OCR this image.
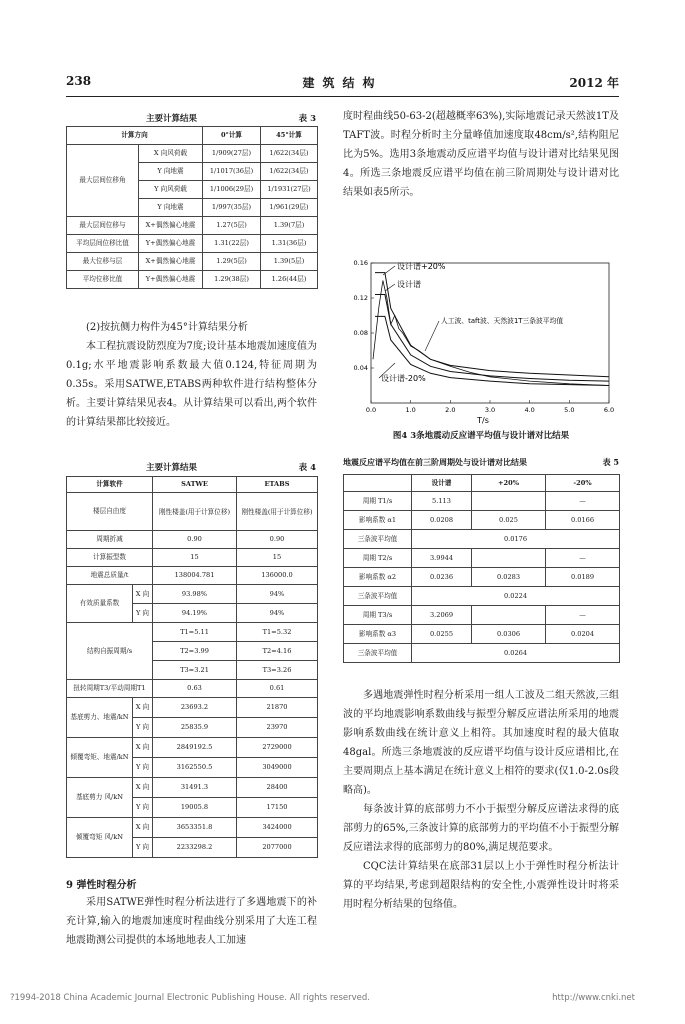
238	建筑结构	2012 年
主要计算结果	表 3
计算方向		0°计算	45°计算
最大层间位移角	X 向风荷载	1/909(27层)	1/622(34层)
	Y 向地震	1/1017(36层)	1/622(34层)
	Y 向风荷载	1/1006(29层)	1/1931(27层)
	Y 向地震	1/997(35层)	1/961(29层)
最大层间位移与	X+偶然偏心地震	1.27(5层)	1.39(7层)
平均层间位移比值	Y+偶然偏心地震	1.31(22层)	1.31(36层)
最大位移与层	X+偶然偏心地震	1.29(5层)	1.39(5层)
平均位移比值	Y+偶然偏心地震	1.29(38层)	1.26(44层)

(2)按抗侧力构件为45°计算结果分析

本工程抗震设防烈度为7度;设计基本地震加速度值为0.1g;水平地震影响系数最大值0.124,特征周期为0.35s。采用SATWE,ETABS两种软件进行结构整体分析。主要计算结果见表4。从计算结果可以看出,两个软件的计算结果都比较接近。

主要计算结果	表 4
计算软件		SATWE	ETABS
楼层自由度		刚性楼盖(用于计算位移)	刚性楼盖(用于计算位移)
周期折减		0.90	0.90
计算振型数		15	15
地震总质量/t		138004.781	136000.0
有效质量系数	X 向	93.98%	94%
	Y 向	94.19%	94%
结构自振周期/s		T1=5.11	T1=5.32
		T2=3.99	T2=4.16
		T3=3.21	T3=3.26
扭转周期T3/平动周期T1		0.63	0.61
基底剪力、地震/kN	X 向	23693.2	21870
	Y 向	25835.9	23970
倾覆弯矩、地震/kN	X 向	2849192.5	2729000
	Y 向	3162550.5	3049000
基底剪力 风/kN	X 向	31491.3	28400
	Y 向	19005.8	17150
倾覆弯矩 风/kN	X 向	3653351.8	3424000
	Y 向	2233298.2	2077000
9 弹性时程分析

采用SATWE弹性时程分析法进行了多遇地震下的补充计算,输入的地震加速度时程曲线分别采用了大连工程地震勘测公司提供的本场地地表人工加速

度时程曲线50-63-2(超越概率63%),实际地震记录天然波1T及TAFT波。时程分析时主分量峰值加速度取48cm/s²,结构阻尼比为5%。选用3条地震动反应谱平均值与设计谱对比结果见图4。所选三条地震反应谱平均值在前三阶周期处与设计谱对比结果如表5所示。

0.0	1.0	2.0	3.0	4.0	5.0	6.0
0.04
0.08
0.12
0.16	设计谱+20%
设计谱
人工波、taft波、天然波1T三条波平均值
设计谱-20%
T/s
图4 3条地震动反应谱平均值与设计谱对比结果
地震反应谱平均值在前三阶周期处与设计谱对比结果	表 5
	设计谱	+20%	-20%
周期 T1/s	5.113		—
影响系数 α1	0.0208	0.025	0.0166
三条波平均值	0.0176		
周期 T2/s	3.9944		—
影响系数 α2	0.0236	0.0283	0.0189
三条波平均值	0.0224		
周期 T3/s	3.2069		—
影响系数 α3	0.0255	0.0306	0.0204
三条波平均值	0.0264		

多遇地震弹性时程分析采用一组人工波及二组天然波,三组波的平均地震影响系数曲线与振型分解反应谱法所采用的地震影响系数曲线在统计意义上相符。其加速度时程的最大值取48gal。所选三条地震波的反应谱平均值与设计反应谱相比,在主要周期点上基本满足在统计意义上相符的要求(仅1.0-2.0s段略高)。

每条波计算的底部剪力不小于振型分解反应谱法求得的底部剪力的65%,三条波计算的底部剪力的平均值不小于振型分解反应谱法求得的底部剪力的80%,满足规范要求。

CQC法计算结果在底部31层以上小于弹性时程分析法计算的平均结果,考虑到超限结构的安全性,小震弹性设计时将采用时程分析结果的包络值。

?1994-2018 China Academic Journal Electronic Publishing House. All rights reserved.	http://www.cnki.net
